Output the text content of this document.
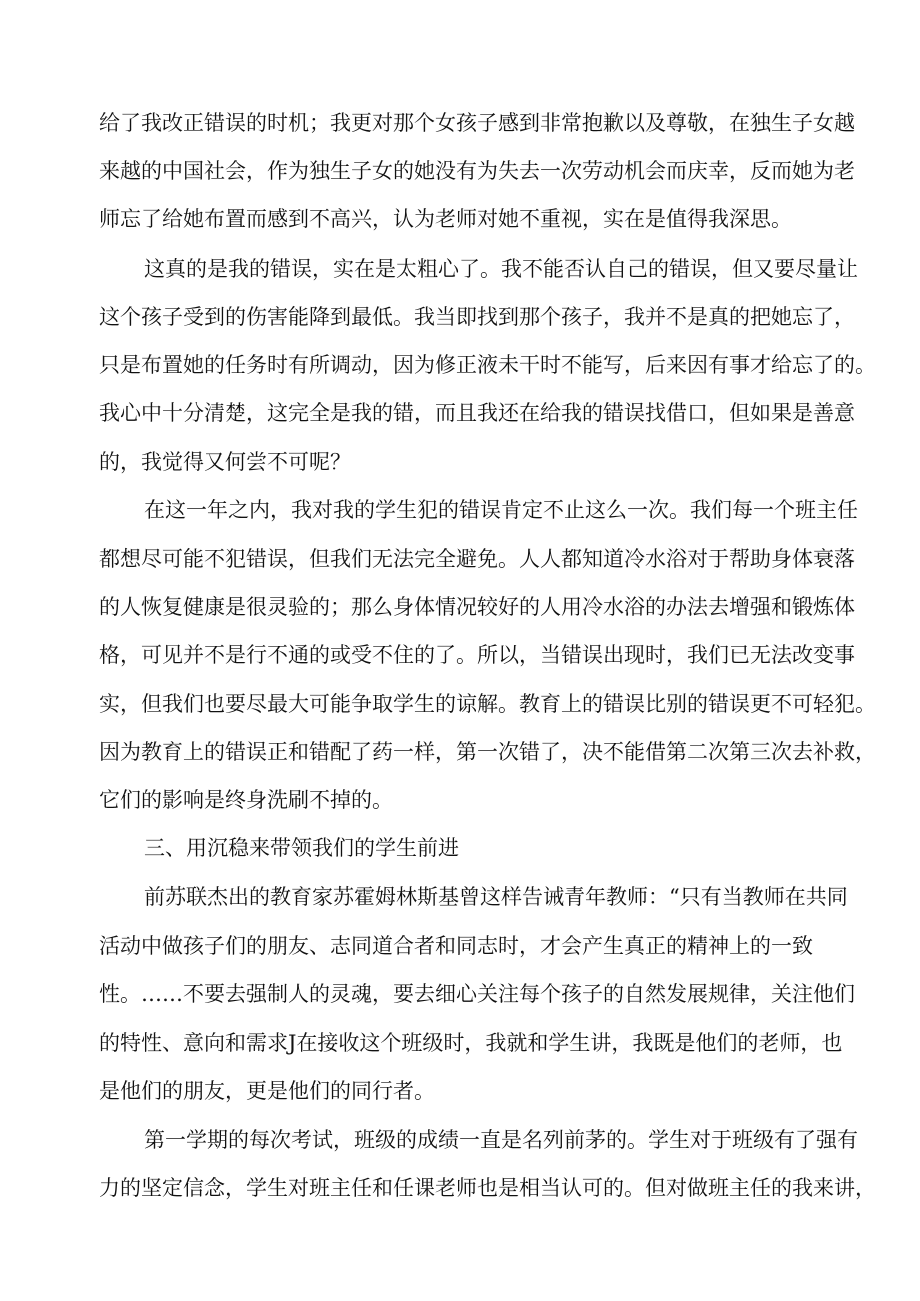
给了我改正错误的时机；我更对那个女孩子感到非常抱歉以及尊敬，在独生子女越

来越的中国社会，作为独生子女的她没有为失去一次劳动机会而庆幸，反而她为老

师忘了给她布置而感到不高兴，认为老师对她不重视，实在是值得我深思。

这真的是我的错误，实在是太粗心了。我不能否认自己的错误，但又要尽量让

这个孩子受到的伤害能降到最低。我当即找到那个孩子，我并不是真的把她忘了，

只是布置她的任务时有所调动，因为修正液未干时不能写，后来因有事才给忘了的。

我心中十分清楚，这完全是我的错，而且我还在给我的错误找借口，但如果是善意

的，我觉得又何尝不可呢？

在这一年之内，我对我的学生犯的错误肯定不止这么一次。我们每一个班主任

都想尽可能不犯错误，但我们无法完全避免。人人都知道冷水浴对于帮助身体衰落

的人恢复健康是很灵验的；那么身体情况较好的人用冷水浴的办法去增强和锻炼体

格，可见并不是行不通的或受不住的了。所以，当错误出现时，我们已无法改变事

实，但我们也要尽最大可能争取学生的谅解。教育上的错误比别的错误更不可轻犯。

因为教育上的错误正和错配了药一样，第一次错了，决不能借第二次第三次去补救，

它们的影响是终身洗刷不掉的。

三、用沉稳来带领我们的学生前进

前苏联杰出的教育家苏霍姆林斯基曾这样告诫青年教师：“只有当教师在共同

活动中做孩子们的朋友、志同道合者和同志时，才会产生真正的精神上的一致

性。……不要去强制人的灵魂，要去细心关注每个孩子的自然发展规律，关注他们

的特性、意向和需求J在接收这个班级时，我就和学生讲，我既是他们的老师，也

是他们的朋友，更是他们的同行者。

第一学期的每次考试，班级的成绩一直是名列前茅的。学生对于班级有了强有

力的坚定信念，学生对班主任和任课老师也是相当认可的。但对做班主任的我来讲，
